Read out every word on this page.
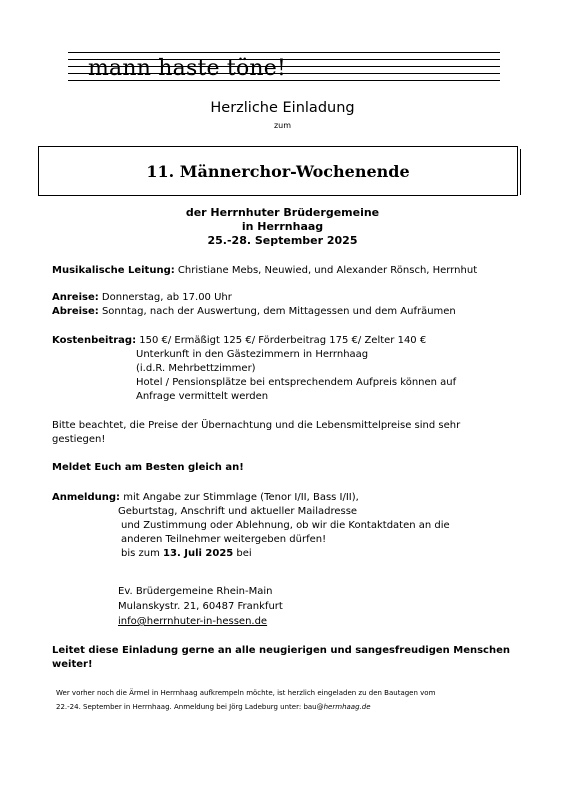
mann haste töne!
Herzliche Einladung
zum
11. Männerchor-Wochenende
der Herrnhuter Brüdergemeine
in Herrnhaag
25.-28. September 2025
Musikalische Leitung: Christiane Mebs, Neuwied, und Alexander Rönsch, Herrnhut
Anreise: Donnerstag, ab 17.00 Uhr
Abreise: Sonntag, nach der Auswertung, dem Mittagessen und dem Aufräumen
Kostenbeitrag: 150 €/ Ermäßigt 125 €/ Förderbeitrag 175 €/ Zelter 140 €
Unterkunft in den Gästezimmern in Herrnhaag
(i.d.R. Mehrbettzimmer)
Hotel / Pensionsplätze bei entsprechendem Aufpreis können auf
Anfrage vermittelt werden
Bitte beachtet, die Preise der Übernachtung und die Lebensmittelpreise sind sehr
gestiegen!
Meldet Euch am Besten gleich an!
Anmeldung: mit Angabe zur Stimmlage (Tenor I/II, Bass I/II),
Geburtstag, Anschrift und aktueller Mailadresse
und Zustimmung oder Ablehnung, ob wir die Kontaktdaten an die
anderen Teilnehmer weitergeben dürfen!
bis zum 13. Juli 2025 bei
Ev. Brüdergemeine Rhein-Main
Mulanskystr. 21, 60487 Frankfurt
info@herrnhuter-in-hessen.de
Leitet diese Einladung gerne an alle neugierigen und sangesfreudigen Menschen
weiter!
Wer vorher noch die Ärmel in Herrnhaag aufkrempeln möchte, ist herzlich eingeladen zu den Bautagen vom
22.-24. September in Herrnhaag. Anmeldung bei Jörg Ladeburg unter: bau@hermhaag.de
